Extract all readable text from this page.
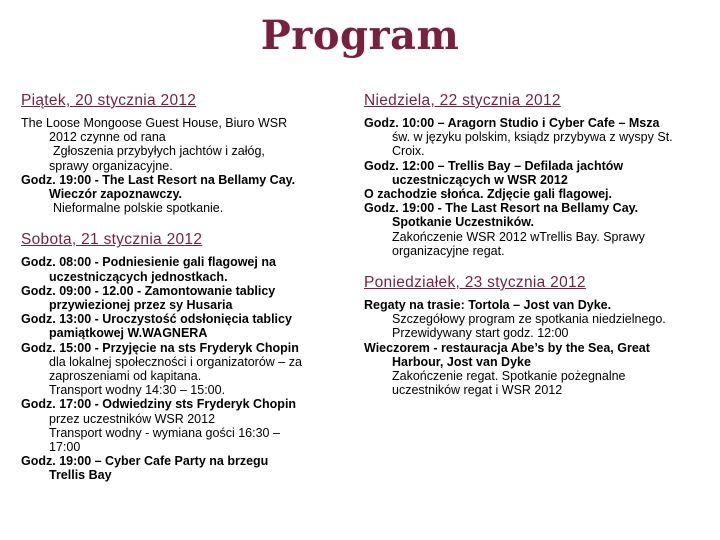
Program
Piątek, 20 stycznia 2012
The Loose Mongoose Guest House, Biuro WSR
2012 czynne od rana
Zgłoszenia przybyłych jachtów i załóg,
sprawy organizacyjne.
Godz. 19:00 - The Last Resort na Bellamy Cay.
Wieczór zapoznawczy.
Nieformalne polskie spotkanie.
Sobota, 21 stycznia 2012
Godz. 08:00 - Podniesienie gali flagowej na
uczestniczących jednostkach.
Godz. 09:00 - 12.00 - Zamontowanie tablicy
przywiezionej przez sy Husaria
Godz. 13:00 - Uroczystość odsłonięcia tablicy
pamiątkowej W.WAGNERA
Godz. 15:00 - Przyjęcie na sts Fryderyk Chopin
dla lokalnej społeczności i organizatorów – za
zaproszeniami od kapitana.
Transport wodny 14:30 – 15:00.
Godz. 17:00 - Odwiedziny sts Fryderyk Chopin
przez uczestników WSR 2012
Transport wodny - wymiana gości 16:30 –
17:00
Godz. 19:00 – Cyber Cafe Party na brzegu
Trellis Bay
Niedziela, 22 stycznia 2012
Godz. 10:00 – Aragorn Studio i Cyber Cafe – Msza
św. w języku polskim, ksiądz przybywa z wyspy St.
Croix.
Godz. 12:00 – Trellis Bay – Defilada jachtów
uczestniczących w WSR 2012
O zachodzie słońca. Zdjęcie gali flagowej.
Godz. 19:00 - The Last Resort na Bellamy Cay.
Spotkanie Uczestników.
Zakończenie WSR 2012 wTrellis Bay. Sprawy
organizacyjne regat.
Poniedziałek, 23 stycznia 2012
Regaty na trasie: Tortola – Jost van Dyke.
Szczegółowy program ze spotkania niedzielnego.
Przewidywany start godz. 12:00
Wieczorem - restauracja Abe’s by the Sea, Great
Harbour, Jost van Dyke
Zakończenie regat. Spotkanie pożegnalne
uczestników regat i WSR 2012
